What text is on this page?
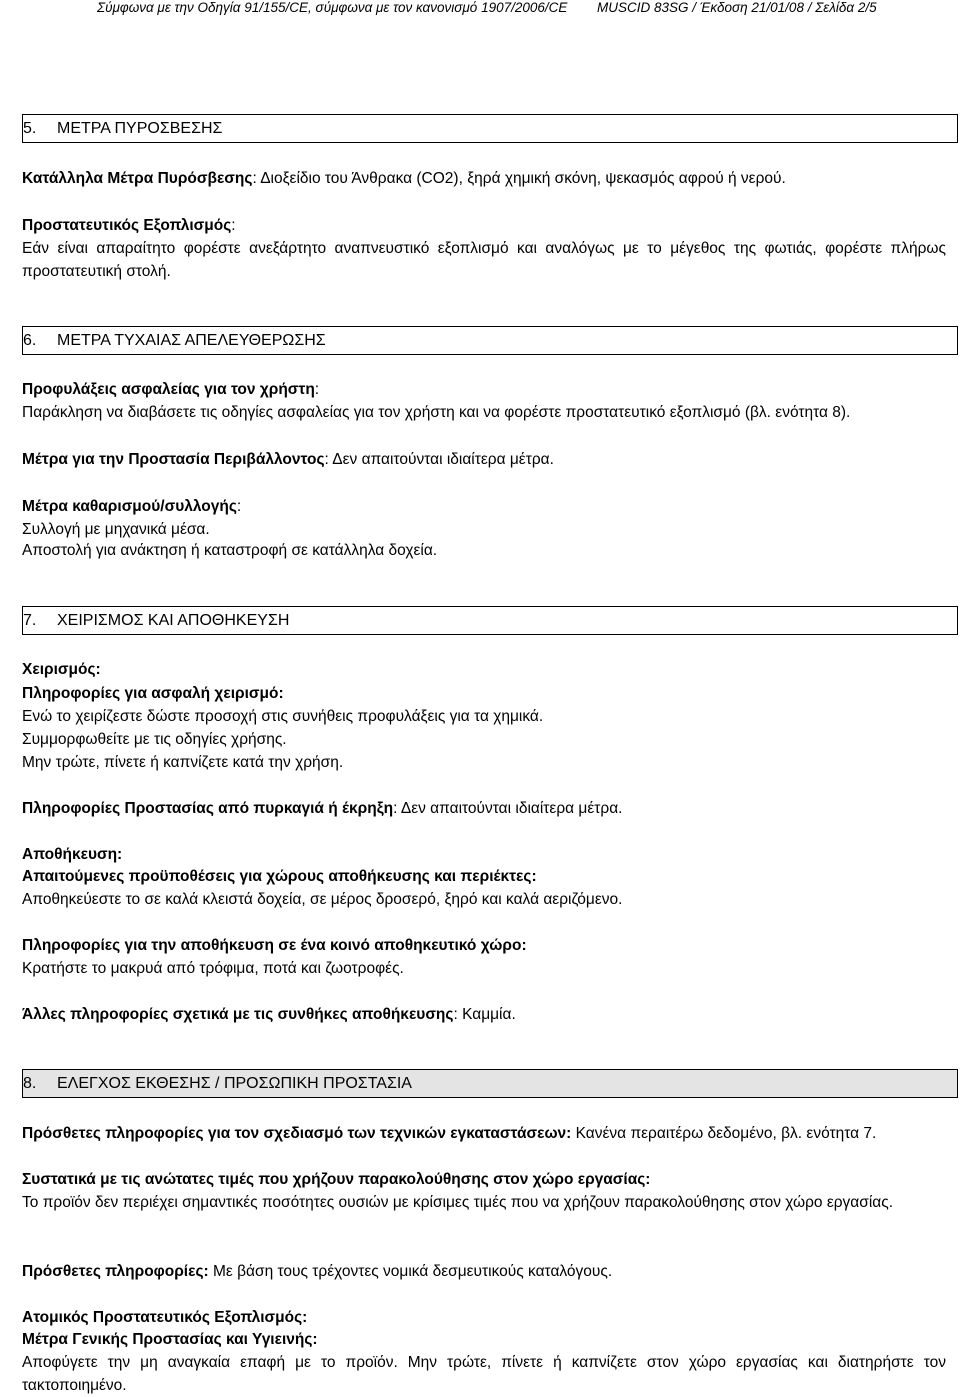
Σύμφωνα με την Οδηγία 91/155/CE, σύμφωνα με τον κανονισμό 1907/2006/CE MUSCID 83SG / Έκδοση 21/01/08 / Σελίδα 2/5
5. ΜΕΤΡΑ ΠΥΡΟΣΒΕΣΗΣ
Κατάλληλα Μέτρα Πυρόσβεσης: Διοξείδιο του Άνθρακα (CO2), ξηρά χημική σκόνη, ψεκασμός αφρού ή νερού.
Προστατευτικός Εξοπλισμός:
Εάν είναι απαραίτητο φορέστε ανεξάρτητο αναπνευστικό εξοπλισμό και αναλόγως με το μέγεθος της φωτιάς, φορέστε πλήρως προστατευτική στολή.
6. ΜΕΤΡΑ ΤΥΧΑΙΑΣ ΑΠΕΛΕΥΘΕΡΩΣΗΣ
Προφυλάξεις ασφαλείας για τον χρήστη:
Παράκληση να διαβάσετε τις οδηγίες ασφαλείας για τον χρήστη και να φορέστε προστατευτικό εξοπλισμό (βλ. ενότητα 8).
Μέτρα για την Προστασία Περιβάλλοντος: Δεν απαιτούνται ιδιαίτερα μέτρα.
Μέτρα καθαρισμού/συλλογής:
Συλλογή με μηχανικά μέσα.
Αποστολή για ανάκτηση ή καταστροφή σε κατάλληλα δοχεία.
7. ΧΕΙΡΙΣΜΟΣ ΚΑΙ ΑΠΟΘΗΚΕΥΣΗ
Χειρισμός:
Πληροφορίες για ασφαλή χειρισμό:
Ενώ το χειρίζεστε δώστε προσοχή στις συνήθεις προφυλάξεις για τα χημικά.
Συμμορφωθείτε με τις οδηγίες χρήσης.
Μην τρώτε, πίνετε ή καπνίζετε κατά την χρήση.
Πληροφορίες Προστασίας από πυρκαγιά ή έκρηξη: Δεν απαιτούνται ιδιαίτερα μέτρα.
Αποθήκευση:
Απαιτούμενες προϋποθέσεις για χώρους αποθήκευσης και περιέκτες:
Αποθηκεύεστε το σε καλά κλειστά δοχεία, σε μέρος δροσερό, ξηρό και καλά αεριζόμενο.
Πληροφορίες για την αποθήκευση σε ένα κοινό αποθηκευτικό χώρο:
Κρατήστε το μακρυά από τρόφιμα, ποτά και ζωοτροφές.
Άλλες πληροφορίες σχετικά με τις συνθήκες αποθήκευσης: Καμμία.
8. ΕΛΕΓΧΟΣ ΕΚΘΕΣΗΣ / ΠΡΟΣΩΠΙΚΗ ΠΡΟΣΤΑΣΙΑ
Πρόσθετες πληροφορίες για τον σχεδιασμό των τεχνικών εγκαταστάσεων: Κανένα περαιτέρω δεδομένο, βλ. ενότητα 7.
Συστατικά με τις ανώτατες τιμές που χρήζουν παρακολούθησης στον χώρο εργασίας:
Το προϊόν δεν περιέχει σημαντικές ποσότητες ουσιών με κρίσιμες τιμές που να χρήζουν παρακολούθησης στον χώρο εργασίας.
Πρόσθετες πληροφορίες: Με βάση τους τρέχοντες νομικά δεσμευτικούς καταλόγους.
Ατομικός Προστατευτικός Εξοπλισμός:
Μέτρα Γενικής Προστασίας και Υγιεινής:
Αποφύγετε την μη αναγκαία επαφή με το προϊόν. Μην τρώτε, πίνετε ή καπνίζετε στον χώρο εργασίας και διατηρήστε τον τακτοποιημένο.
